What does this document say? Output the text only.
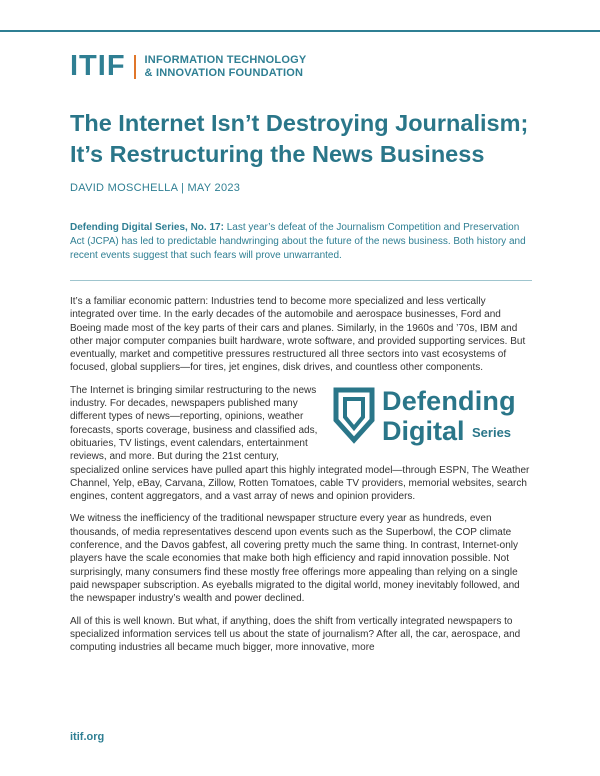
ITIF INFORMATION TECHNOLOGY
& INNOVATION FOUNDATION
The Internet Isn’t Destroying Journalism;
It’s Restructuring the News Business
DAVID MOSCHELLA | MAY 2023

Defending Digital Series, No. 17: Last year’s defeat of the Journalism Competition and Preservation Act (JCPA) has led to predictable handwringing about the future of the news business. Both history and recent events suggest that such fears will prove unwarranted.

It’s a familiar economic pattern: Industries tend to become more specialized and less vertically integrated over time. In the early decades of the automobile and aerospace businesses, Ford and Boeing made most of the key parts of their cars and planes. Similarly, in the 1960s and ’70s, IBM and other major computer companies built hardware, wrote software, and provided supporting services. But eventually, market and competitive pressures restructured all three sectors into vast ecosystems of focused, global suppliers—for tires, jet engines, disk drives, and countless other components.

Defending
Digital Series
The Internet is bringing similar restructuring to the news industry. For decades, newspapers published many different types of news—reporting, opinions, weather forecasts, sports coverage, business and classified ads, obituaries, TV listings, event calendars, entertainment reviews, and more. But during the 21st century, specialized online services have pulled apart this highly integrated model—through ESPN, The Weather Channel, Yelp, eBay, Carvana, Zillow, Rotten Tomatoes, cable TV providers, memorial websites, search engines, content aggregators, and a vast array of news and opinion providers.

We witness the inefficiency of the traditional newspaper structure every year as hundreds, even thousands, of media representatives descend upon events such as the Superbowl, the COP climate conference, and the Davos gabfest, all covering pretty much the same thing. In contrast, Internet-only players have the scale economies that make both high efficiency and rapid innovation possible. Not surprisingly, many consumers find these mostly free offerings more appealing than relying on a single paid newspaper subscription. As eyeballs migrated to the digital world, money inevitably followed, and the newspaper industry’s wealth and power declined.

All of this is well known. But what, if anything, does the shift from vertically integrated newspapers to specialized information services tell us about the state of journalism? After all, the car, aerospace, and computing industries all became much bigger, more innovative, more

itif.org
